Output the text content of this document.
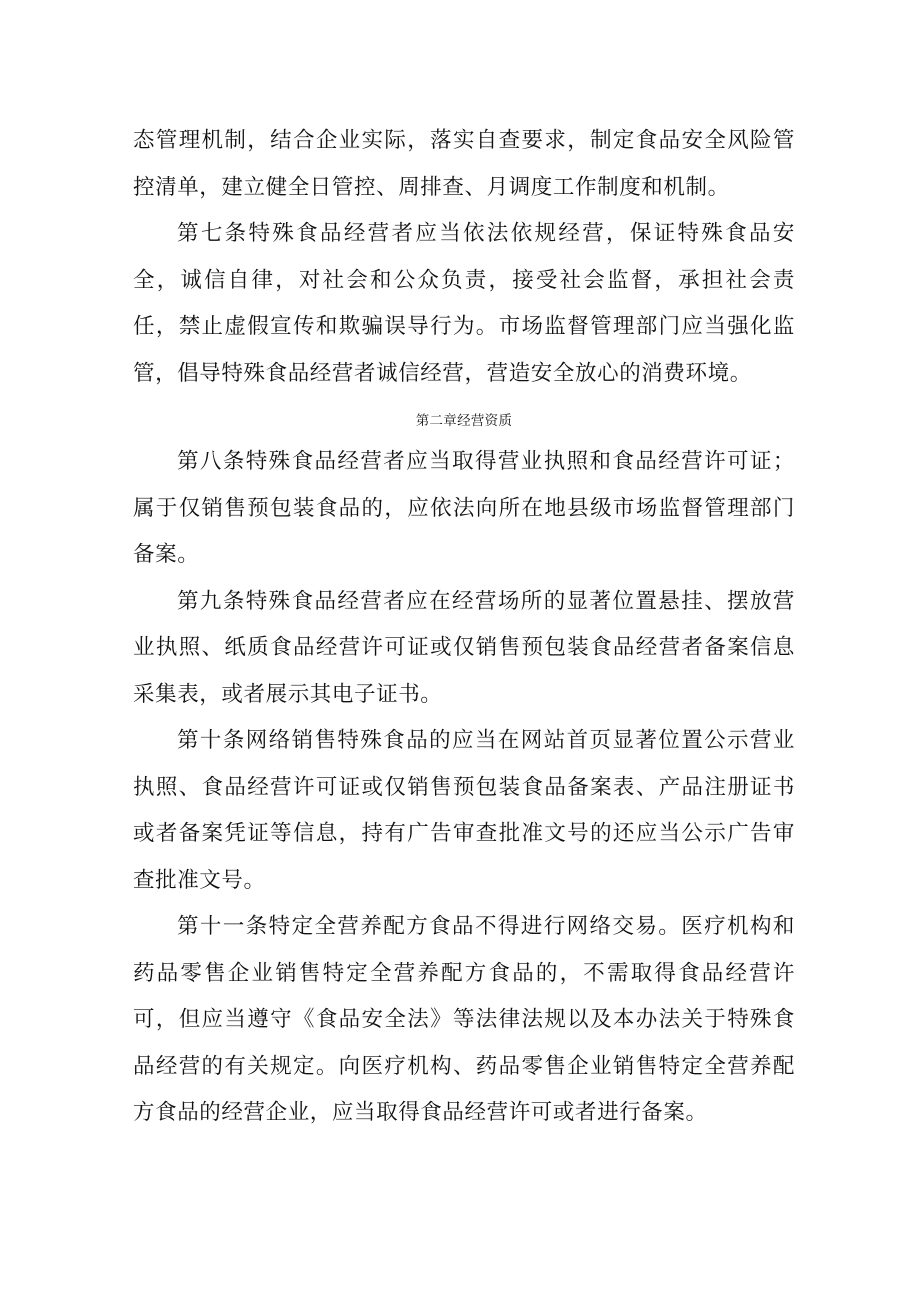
态管理机制，结合企业实际，落实自查要求，制定食品安全风险管控清单，建立健全日管控、周排查、月调度工作制度和机制。

第七条特殊食品经营者应当依法依规经营，保证特殊食品安全，诚信自律，对社会和公众负责，接受社会监督，承担社会责任，禁止虚假宣传和欺骗误导行为。市场监督管理部门应当强化监管，倡导特殊食品经营者诚信经营，营造安全放心的消费环境。

第二章经营资质

第八条特殊食品经营者应当取得营业执照和食品经营许可证；属于仅销售预包装食品的，应依法向所在地县级市场监督管理部门备案。

第九条特殊食品经营者应在经营场所的显著位置悬挂、摆放营业执照、纸质食品经营许可证或仅销售预包装食品经营者备案信息采集表，或者展示其电子证书。

第十条网络销售特殊食品的应当在网站首页显著位置公示营业执照、食品经营许可证或仅销售预包装食品备案表、产品注册证书或者备案凭证等信息，持有广告审查批准文号的还应当公示广告审查批准文号。

第十一条特定全营养配方食品不得进行网络交易。医疗机构和药品零售企业销售特定全营养配方食品的，不需取得食品经营许可，但应当遵守《食品安全法》等法律法规以及本办法关于特殊食品经营的有关规定。向医疗机构、药品零售企业销售特定全营养配方食品的经营企业，应当取得食品经营许可或者进行备案。
